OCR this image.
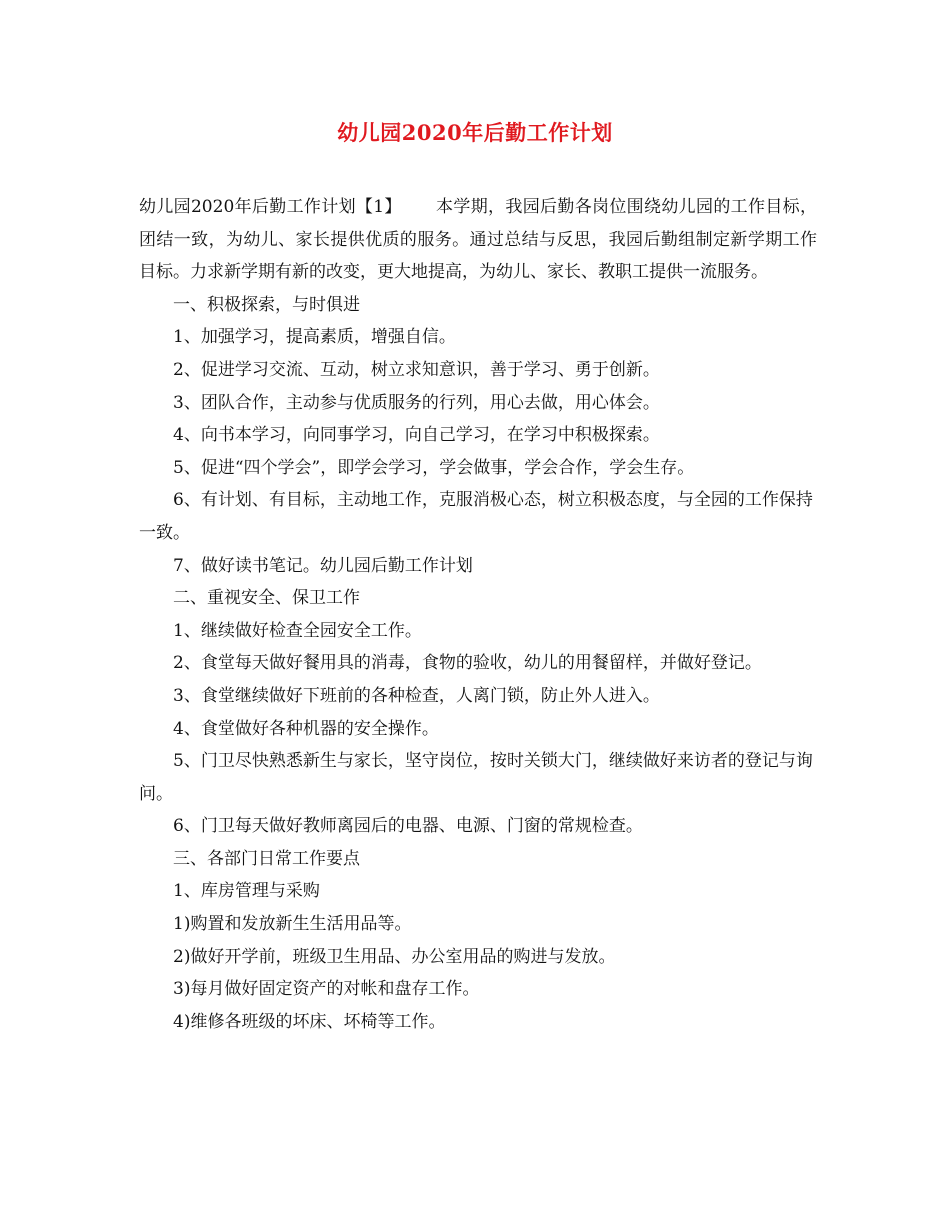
幼儿园2020年后勤工作计划

幼儿园2020年后勤工作计划【1】 本学期，我园后勤各岗位围绕幼儿园的工作目标，团结一致，为幼儿、家长提供优质的服务。通过总结与反思，我园后勤组制定新学期工作目标。力求新学期有新的改变，更大地提高，为幼儿、家长、教职工提供一流服务。

一、积极探索，与时俱进

1、加强学习，提高素质，增强自信。

2、促进学习交流、互动，树立求知意识，善于学习、勇于创新。

3、团队合作，主动参与优质服务的行列，用心去做，用心体会。

4、向书本学习，向同事学习，向自己学习，在学习中积极探索。

5、促进“四个学会”，即学会学习，学会做事，学会合作，学会生存。

6、有计划、有目标，主动地工作，克服消极心态，树立积极态度，与全园的工作保持一致。

7、做好读书笔记。幼儿园后勤工作计划

二、重视安全、保卫工作

1、继续做好检查全园安全工作。

2、食堂每天做好餐用具的消毒，食物的验收，幼儿的用餐留样，并做好登记。

3、食堂继续做好下班前的各种检查，人离门锁，防止外人进入。

4、食堂做好各种机器的安全操作。

5、门卫尽快熟悉新生与家长，坚守岗位，按时关锁大门，继续做好来访者的登记与询问。

6、门卫每天做好教师离园后的电器、电源、门窗的常规检查。

三、各部门日常工作要点

1、库房管理与采购

1)购置和发放新生生活用品等。

2)做好开学前，班级卫生用品、办公室用品的购进与发放。

3)每月做好固定资产的对帐和盘存工作。

4)维修各班级的坏床、坏椅等工作。
